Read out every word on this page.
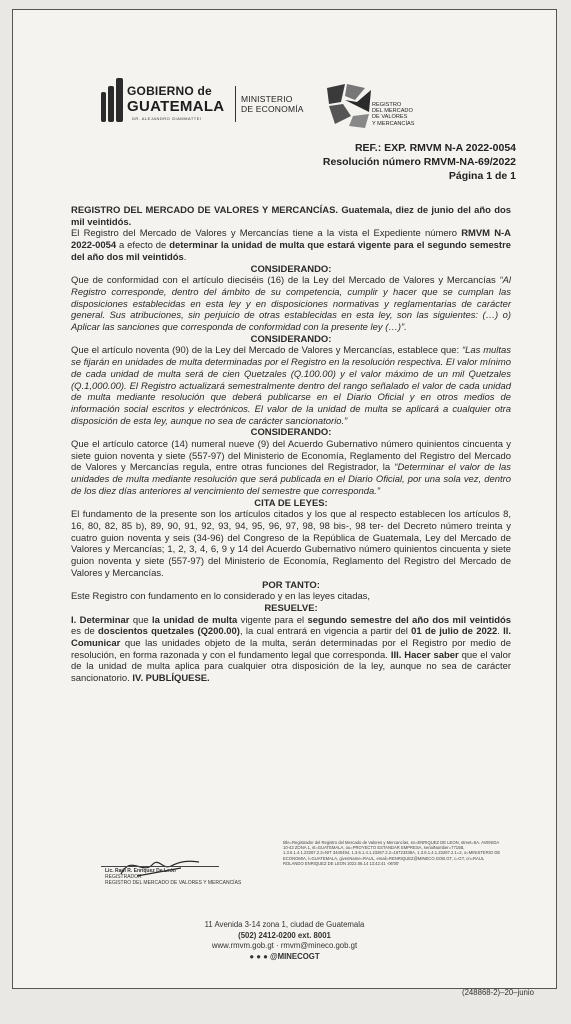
GOBIERNO de
GUATEMALA
DR. ALEJANDRO GIAMMATTEI
MINISTERIO
DE ECONOMÍA	REGISTRO
DEL MERCADO
DE VALORES
Y MERCANCÍAS
REF.: EXP. RMVM N-A 2022-0054
Resolución número RMVM-NA-69/2022
Página 1 de 1

REGISTRO DEL MERCADO DE VALORES Y MERCANCÍAS. Guatemala, diez de junio del año dos mil veintidós.

El Registro del Mercado de Valores y Mercancías tiene a la vista el Expediente número RMVM N-A 2022-0054 a efecto de determinar la unidad de multa que estará vigente para el segundo semestre del año dos mil veintidós.

CONSIDERANDO:

Que de conformidad con el artículo dieciséis (16) de la Ley del Mercado de Valores y Mercancías “Al Registro corresponde, dentro del ámbito de su competencia, cumplir y hacer que se cumplan las disposiciones establecidas en esta ley y en disposiciones normativas y reglamentarias de carácter general. Sus atribuciones, sin perjuicio de otras establecidas en esta ley, son las siguientes: (…) o) Aplicar las sanciones que corresponda de conformidad con la presente ley (…)”.

CONSIDERANDO:

Que el artículo noventa (90) de la Ley del Mercado de Valores y Mercancías, establece que: “Las multas se fijarán en unidades de multa determinadas por el Registro en la resolución respectiva. El valor mínimo de cada unidad de multa será de cien Quetzales (Q.100.00) y el valor máximo de un mil Quetzales (Q.1,000.00). El Registro actualizará semestralmente dentro del rango señalado el valor de cada unidad de multa mediante resolución que deberá publicarse en el Diario Oficial y en otros medios de información social escritos y electrónicos. El valor de la unidad de multa se aplicará a cualquier otra disposición de esta ley, aunque no sea de carácter sancionatorio.”

CONSIDERANDO:

Que el artículo catorce (14) numeral nueve (9) del Acuerdo Gubernativo número quinientos cincuenta y siete guion noventa y siete (557-97) del Ministerio de Economía, Reglamento del Registro del Mercado de Valores y Mercancías regula, entre otras funciones del Registrador, la “Determinar el valor de las unidades de multa mediante resolución que será publicada en el Diario Oficial, por una sola vez, dentro de los diez días anteriores al vencimiento del semestre que corresponda.”

CITA DE LEYES:

El fundamento de la presente son los artículos citados y los que al respecto establecen los artículos 8, 16, 80, 82, 85 b), 89, 90, 91, 92, 93, 94, 95, 96, 97, 98, 98 bis-, 98 ter- del Decreto número treinta y cuatro guion noventa y seis (34-96) del Congreso de la República de Guatemala, Ley del Mercado de Valores y Mercancías; 1, 2, 3, 4, 6, 9 y 14 del Acuerdo Gubernativo número quinientos cincuenta y siete guion noventa y siete (557-97) del Ministerio de Economía, Reglamento del Registro del Mercado de Valores y Mercancías.

POR TANTO:

Este Registro con fundamento en lo considerado y en las leyes citadas,

RESUELVE:

I. Determinar que la unidad de multa vigente para el segundo semestre del año dos mil veintidós es de doscientos quetzales (Q200.00), la cual entrará en vigencia a partir del 01 de julio de 2022. II. Comunicar que las unidades objeto de la multa, serán determinadas por el Registro por medio de resolución, en forma razonada y con el fundamento legal que corresponda. III. Hacer saber que el valor de la unidad de multa aplica para cualquier otra disposición de la ley, aunque no sea de carácter sancionatorio. IV. PUBLÍQUESE.

Lic. Raúl R. Enríquez De León
REGISTRADOR
REGISTRO DEL MERCADO DE VALORES Y MERCANCÍAS
title=Registrador del Registro del Mercado de Valores y Mercancías, sn=ENRIQUEZ DE LEON, street=8A. AVENIDA 10-43 ZONA 1, st=GUATEMALA, ou=PROYECTO ESTANDAR EMPRESA, serialNumber=7716B, 1.3.6.1.4.1.23267.2.3=NIT 3440494, 1.3.6.1.4.1.23267.2.2=16723338A, 1.3.6.1.4.1.23267.2.1=2, o=MINISTERIO DE ECONOMIA, l=GUATEMALA, givenName=RAUL, email=RENRIQUEZ@MINECO.GOB.GT, c=GT, cn=RAUL ROLANDO ENRIQUEZ DE LEON 2022.06.14 13:42:41 -06'00'
11 Avenida 3-14 zona 1, ciudad de Guatemala
(502) 2412-0200 ext. 8001
www.rmvm.gob.gt · rmvm@mineco.gob.gt
● ● ● @MINECOGT
(248868-2)–20–junio
